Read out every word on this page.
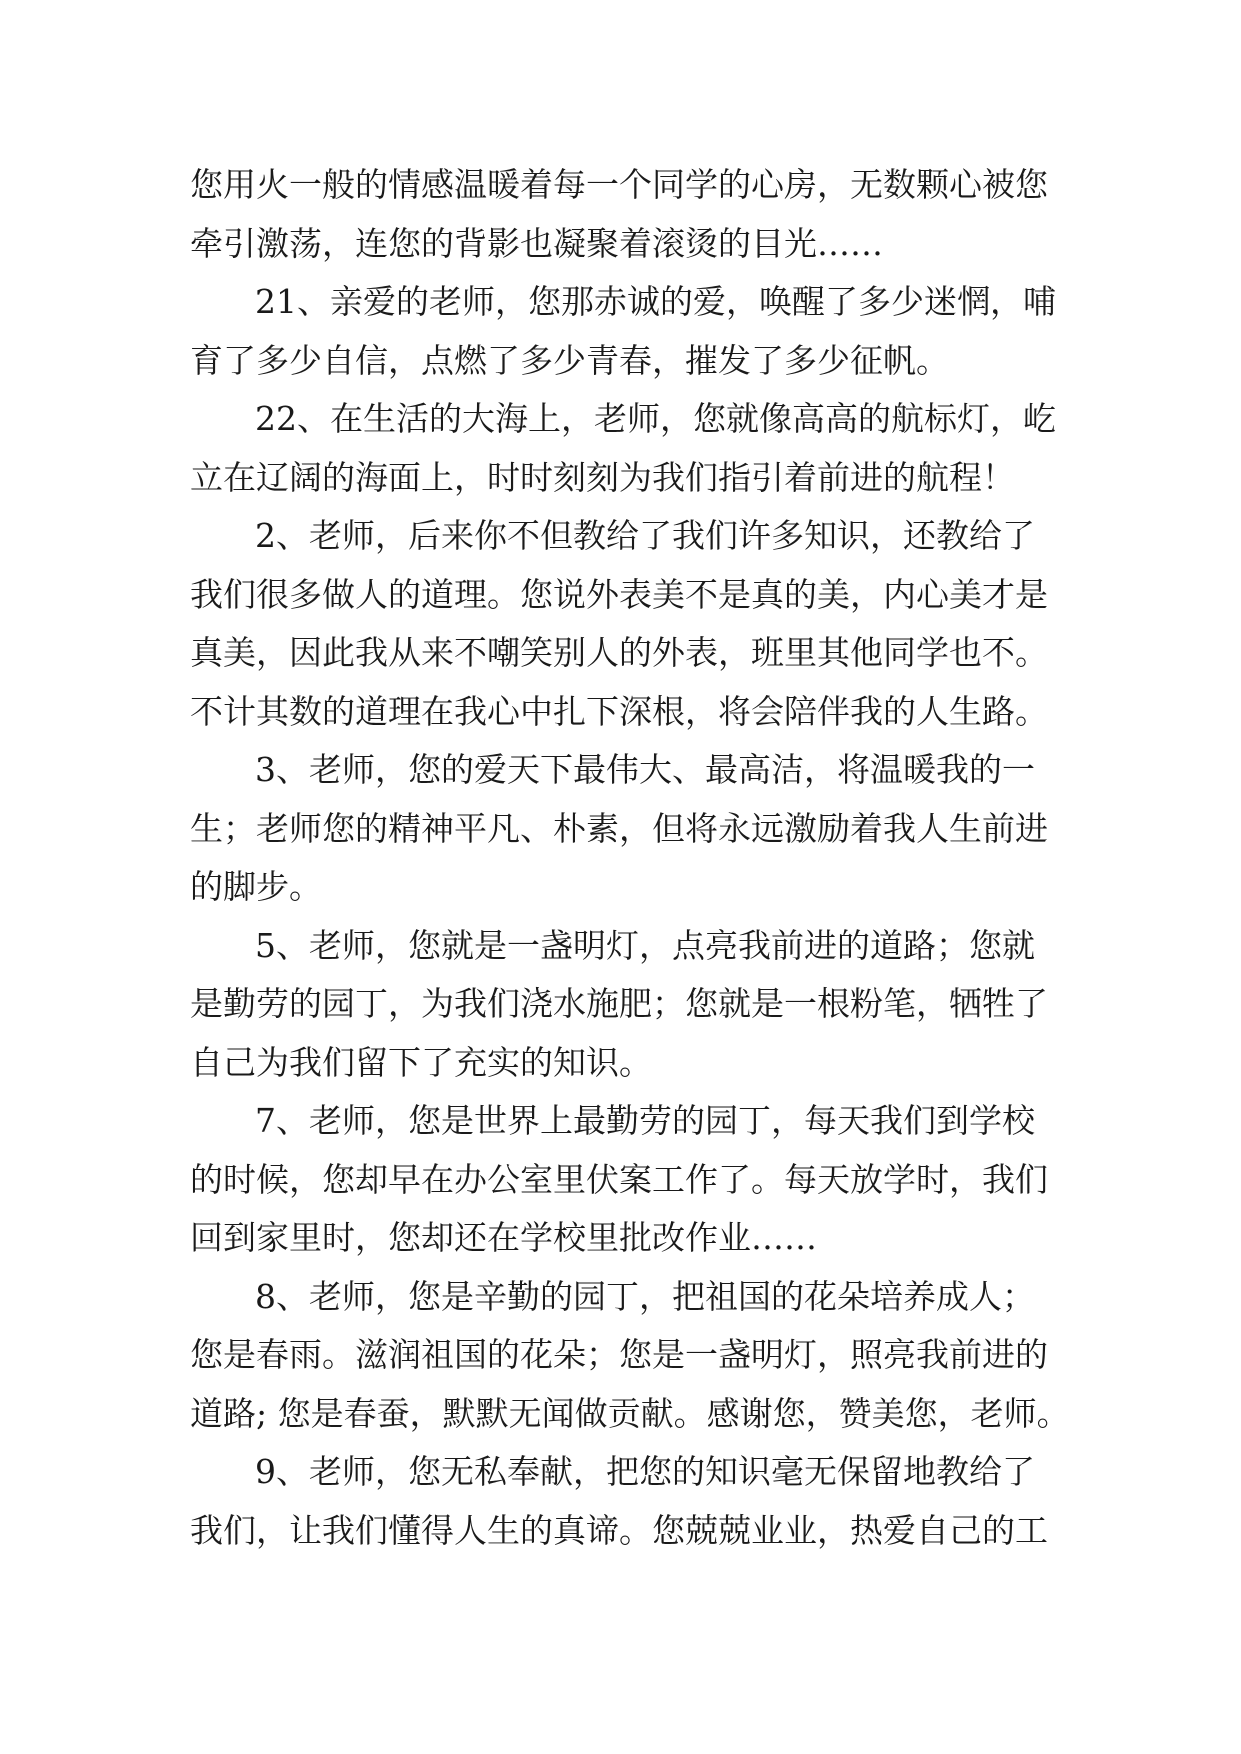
您用火一般的情感温暖着每一个同学的心房，无数颗心被您
牵引激荡，连您的背影也凝聚着滚烫的目光……
21、亲爱的老师，您那赤诚的爱，唤醒了多少迷惘，哺
育了多少自信，点燃了多少青春，摧发了多少征帆。
22、在生活的大海上，老师，您就像高高的航标灯，屹
立在辽阔的海面上，时时刻刻为我们指引着前进的航程！
2、老师，后来你不但教给了我们许多知识，还教给了
我们很多做人的道理。您说外表美不是真的美，内心美才是
真美，因此我从来不嘲笑别人的外表，班里其他同学也不。
不计其数的道理在我心中扎下深根，将会陪伴我的人生路。
3、老师，您的爱天下最伟大、最高洁，将温暖我的一
生；老师您的精神平凡、朴素，但将永远激励着我人生前进
的脚步。
5、老师，您就是一盏明灯，点亮我前进的道路；您就
是勤劳的园丁，为我们浇水施肥；您就是一根粉笔，牺牲了
自己为我们留下了充实的知识。
7、老师，您是世界上最勤劳的园丁，每天我们到学校
的时候，您却早在办公室里伏案工作了。每天放学时，我们
回到家里时，您却还在学校里批改作业……
8、老师，您是辛勤的园丁，把祖国的花朵培养成人；
您是春雨。滋润祖国的花朵；您是一盏明灯，照亮我前进的
道路; 您是春蚕，默默无闻做贡献。感谢您，赞美您，老师。
9、老师，您无私奉献，把您的知识毫无保留地教给了
我们，让我们懂得人生的真谛。您兢兢业业，热爱自己的工
